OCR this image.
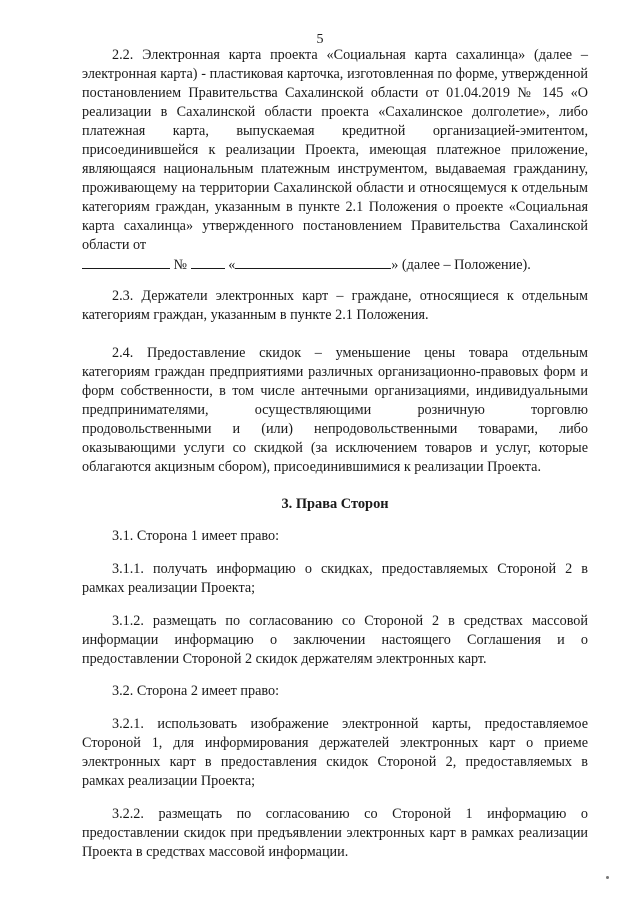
5

2.2. Электронная карта проекта «Социальная карта сахалинца» (далее – электронная карта) - пластиковая карточка, изготовленная по форме, утвержденной постановлением Правительства Сахалинской области от 01.04.2019 № 145 «О реализации в Сахалинской области проекта «Сахалинское долголетие», либо платежная карта, выпускаемая кредитной организацией-эмитентом, присоединившейся к реализации Проекта, имеющая платежное приложение, являющаяся национальным платежным инструментом, выдаваемая гражданину, проживающему на территории Сахалинской области и относящемуся к отдельным категориям граждан, указанным в пункте 2.1 Положения о проекте «Социальная карта сахалинца» утвержденного постановлением Правительства Сахалинской области от
№	«	» (далее – Положение).

2.3. Держатели электронных карт – граждане, относящиеся к отдельным категориям граждан, указанным в пункте 2.1 Положения.

2.4. Предоставление скидок – уменьшение цены товара отдельным категориям граждан предприятиями различных организационно-правовых форм и форм собственности, в том числе антечными организациями, индивидуальными предпринимателями, осуществляющими розничную торговлю продовольственными и (или) непродовольственными товарами, либо оказывающими услуги со скидкой (за исключением товаров и услуг, которые облагаются акцизным сбором), присоединившимися к реализации Проекта.

3. Права Сторон

3.1. Сторона 1 имеет право:

3.1.1. получать информацию о скидках, предоставляемых Стороной 2 в рамках реализации Проекта;

3.1.2. размещать по согласованию со Стороной 2 в средствах массовой информации информацию о заключении настоящего Соглашения и о предоставлении Стороной 2 скидок держателям электронных карт.

3.2. Сторона 2 имеет право:

3.2.1. использовать изображение электронной карты, предоставляемое Стороной 1, для информирования держателей электронных карт о приеме электронных карт в предоставления скидок Стороной 2, предоставляемых в рамках реализации Проекта;

3.2.2. размещать по согласованию со Стороной 1 информацию о предоставлении скидок при предъявлении электронных карт в рамках реализации Проекта в средствах массовой информации.
